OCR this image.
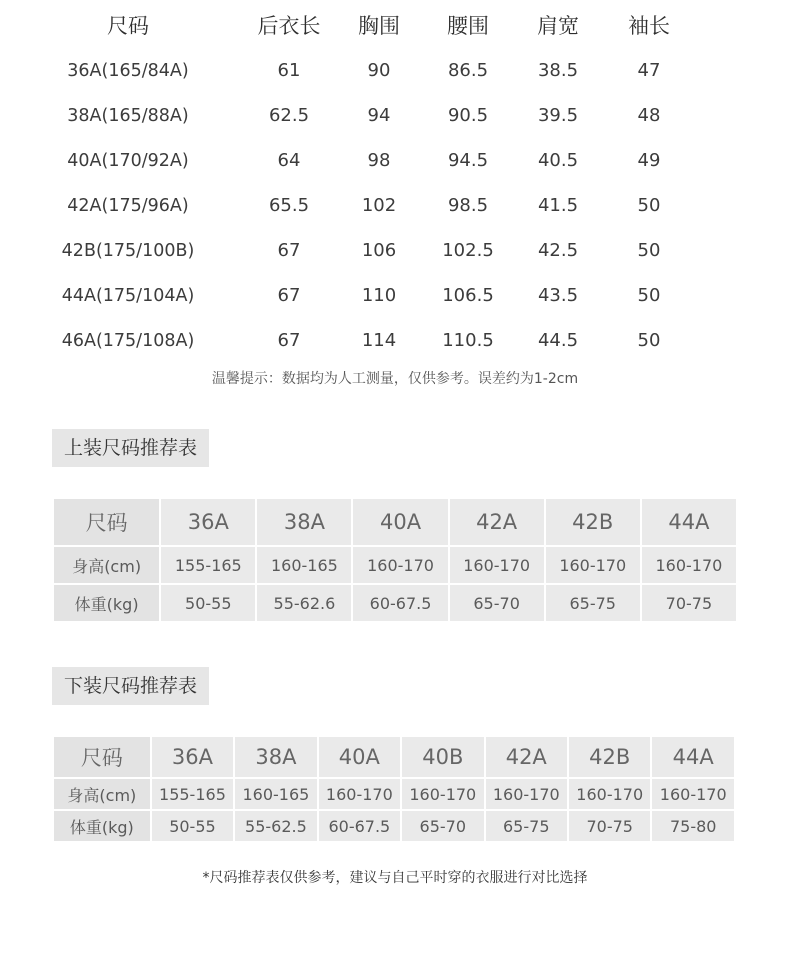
尺码	后衣长	胸围	腰围	肩宽	袖长
36A(165/84A)	61	90	86.5	38.5	47
38A(165/88A)	62.5	94	90.5	39.5	48
40A(170/92A)	64	98	94.5	40.5	49
42A(175/96A)	65.5	102	98.5	41.5	50
42B(175/100B)	67	106	102.5	42.5	50
44A(175/104A)	67	110	106.5	43.5	50
46A(175/108A)	67	114	110.5	44.5	50
温馨提示：数据均为人工测量，仅供参考。误差约为1-2cm
上装尺码推荐表
尺码	36A	38A	40A	42A	42B	44A
身高(cm)	155-165	160-165	160-170	160-170	160-170	160-170
体重(kg)	50-55	55-62.6	60-67.5	65-70	65-75	70-75
下装尺码推荐表
尺码	36A	38A	40A	40B	42A	42B	44A
身高(cm)	155-165	160-165	160-170	160-170	160-170	160-170	160-170
体重(kg)	50-55	55-62.5	60-67.5	65-70	65-75	70-75	75-80
*尺码推荐表仅供参考，建议与自己平时穿的衣服进行对比选择
